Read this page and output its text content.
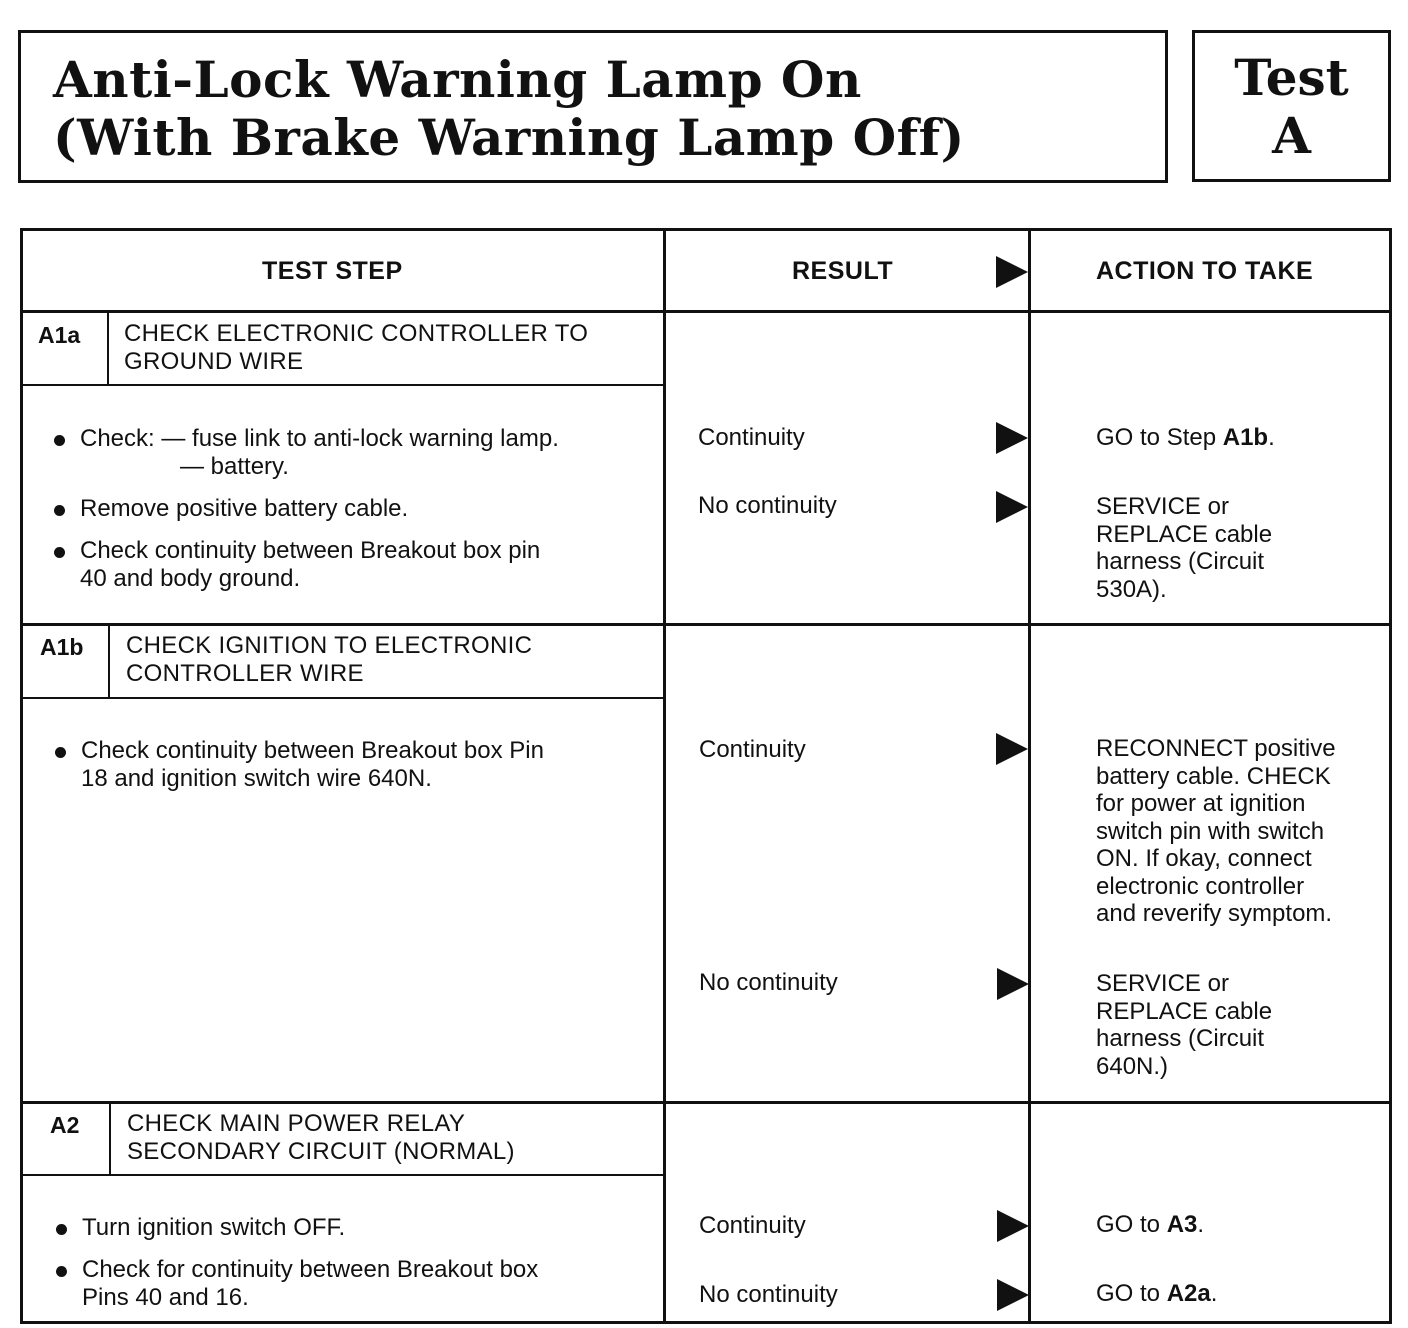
Anti-Lock Warning Lamp On
(With Brake Warning Lamp Off)
Test
A
TEST STEP	RESULT	ACTION TO TAKE
A1a CHECK ELECTRONIC CONTROLLER TO
GROUND WIRE
Check: — fuse link to anti-lock warning lamp.
— battery.
Remove positive battery cable.
Check continuity between Breakout box pin
40 and body ground.
Continuity	GO to Step A1b.
No continuity	SERVICE or
REPLACE cable
harness (Circuit
530A).
A1b CHECK IGNITION TO ELECTRONIC
CONTROLLER WIRE
Check continuity between Breakout box Pin
18 and ignition switch wire 640N.
Continuity	RECONNECT positive
battery cable. CHECK
for power at ignition
switch pin with switch
ON. If okay, connect
electronic controller
and reverify symptom.
No continuity	SERVICE or
REPLACE cable
harness (Circuit
640N.)
A2 CHECK MAIN POWER RELAY
SECONDARY CIRCUIT (NORMAL)
Turn ignition switch OFF.
Check for continuity between Breakout box
Pins 40 and 16.
Continuity	GO to A3.
No continuity	GO to A2a.
